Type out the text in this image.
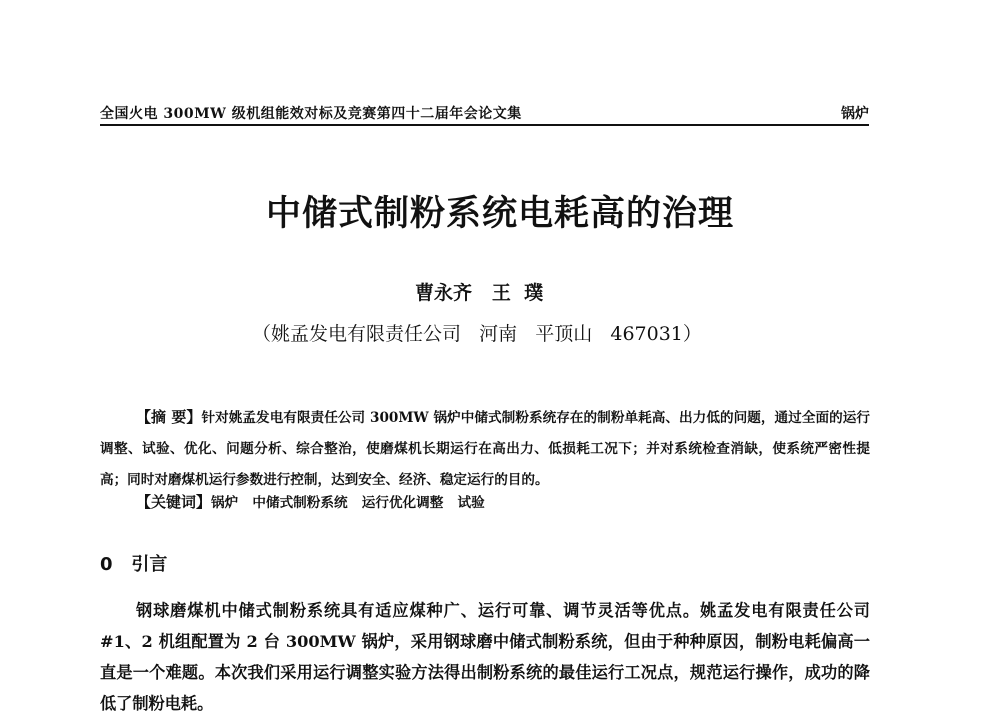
全国火电 300MW 级机组能效对标及竞赛第四十二届年会论文集	锅炉
中储式制粉系统电耗高的治理
曹永齐   王  璞
（姚孟发电有限责任公司   河南   平顶山   467031）
【摘 要】针对姚孟发电有限责任公司 300MW 锅炉中储式制粉系统存在的制粉单耗高、出力低的问题，通过全面的运行调整、试验、优化、问题分析、综合整治，使磨煤机长期运行在高出力、低损耗工况下；并对系统检查消缺，使系统严密性提高；同时对磨煤机运行参数进行控制，达到安全、经济、稳定运行的目的。
【关键词】锅炉   中储式制粉系统   运行优化调整   试验
0   引言
钢球磨煤机中储式制粉系统具有适应煤种广、运行可靠、调节灵活等优点。姚孟发电有限责任公司#1、2 机组配置为 2 台 300MW 锅炉，采用钢球磨中储式制粉系统，但由于种种原因，制粉电耗偏高一直是一个难题。本次我们采用运行调整实验方法得出制粉系统的最佳运行工况点，规范运行操作，成功的降低了制粉电耗。
